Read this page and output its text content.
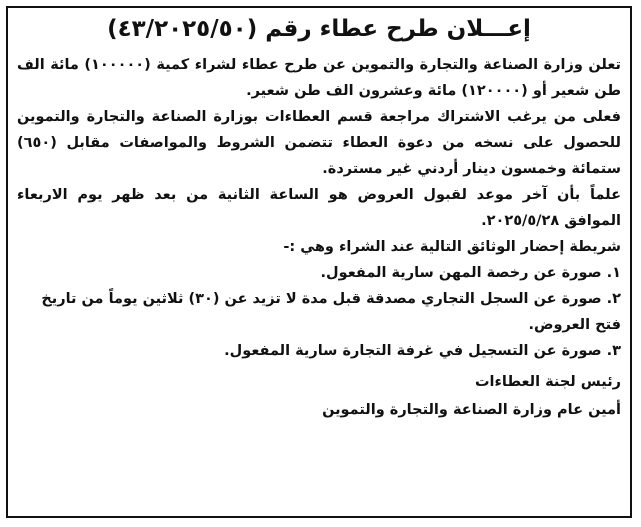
إعـــلان طرح عطاء رقم (٤٣/٢٠٢٥/٥٠)

تعلن وزارة الصناعة والتجارة والتموين عن طرح عطاء لشراء كمية (١٠٠٠٠٠) مائة الف طن شعير أو (١٢٠٠٠٠) مائة وعشرون الف طن شعير.

فعلى من يرغب الاشتراك مراجعة قسم العطاءات بوزارة الصناعة والتجارة والتموين للحصول على نسخه من دعوة العطاء تتضمن الشروط والمواصفات مقابل (٦٥٠) ستمائة وخمسون دينار أردني غير مستردة.

علماً بأن آخر موعد لقبول العروض هو الساعة الثانية من بعد ظهر يوم الاربعاء الموافق ٢٠٢٥/٥/٢٨.

شريطة إحضار الوثائق التالية عند الشراء وهي :-

١. صورة عن رخصة المهن سارية المفعول.
٢. صورة عن السجل التجاري مصدقة قبل مدة لا تزيد عن (٣٠) ثلاثين يوماً من تاريخ فتح العروض.
٣. صورة عن التسجيل في غرفة التجارة سارية المفعول.

رئيس لجنة العطاءات

أمين عام وزارة الصناعة والتجارة والتموين
